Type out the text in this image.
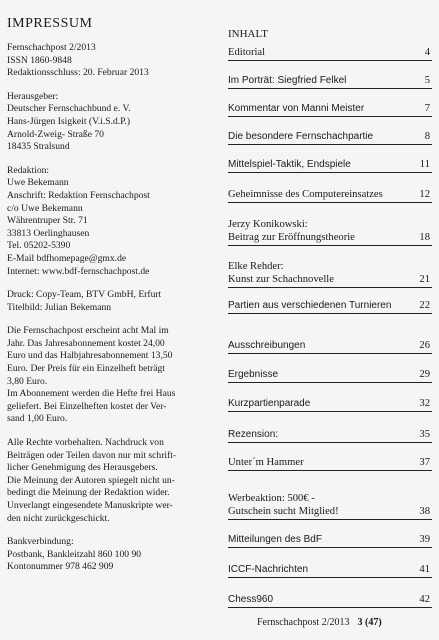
IMPRESSUM
Fernschachpost 2/2013
ISSN 1860-9848
Redaktionsschluss: 20. Februar 2013
Herausgeber:
Deutscher Fernschachbund e. V.
Hans-Jürgen Isigkeit (V.i.S.d.P.)
Arnold-Zweig- Straße 70
18435 Stralsund
Redaktion:
Uwe Bekemann
Anschrift: Redaktion Fernschachpost
c/o Uwe Bekemann
Währentruper Str. 71
33813 Oerlinghausen
Tel. 05202-5390
E-Mail bdfhomepage@gmx.de
Internet: www.bdf-fernschachpost.de
Druck: Copy-Team, BTV GmbH, Erfurt
Titelbild: Julian Bekemann
Die Fernschachpost erscheint acht Mal im
Jahr. Das Jahresabonnement kostet 24,00
Euro und das Halbjahresabonnement 13,50
Euro. Der Preis für ein Einzelheft beträgt
3,80 Euro.
Im Abonnement werden die Hefte frei Haus
geliefert. Bei Einzelheften kostet der Ver-
sand 1,00 Euro.
Alle Rechte vorbehalten. Nachdruck von
Beiträgen oder Teilen davon nur mit schrift-
licher Genehmigung des Herausgebers.
Die Meinung der Autoren spiegelt nicht un-
bedingt die Meinung der Redaktion wider.
Unverlangt eingesendete Manuskripte wer-
den nicht zurückgeschickt.
Bankverbindung:
Postbank, Bankleitzahl 860 100 90
Kontonummer 978 462 909
INHALT
Editorial	4
Im Porträt: Siegfried Felkel	5
Kommentar von Manni Meister	7
Die besondere Fernschachpartie	8
Mittelspiel-Taktik, Endspiele	11
Geheimnisse des Computereinsatzes	12
Jerzy Konikowski:
Beitrag zur Eröffnungstheorie	18
Elke Rehder:
Kunst zur Schachnovelle	21
Partien aus verschiedenen Turnieren	22
Ausschreibungen	26
Ergebnisse	29
Kurzpartienparade	32
Rezension:	35
Unter´m Hammer	37
Werbeaktion: 500€ -
Gutschein sucht Mitglied!	38
Mitteilungen des BdF	39
ICCF-Nachrichten	41
Chess960	42
Fernschachpost 2/2013 3 (47)
